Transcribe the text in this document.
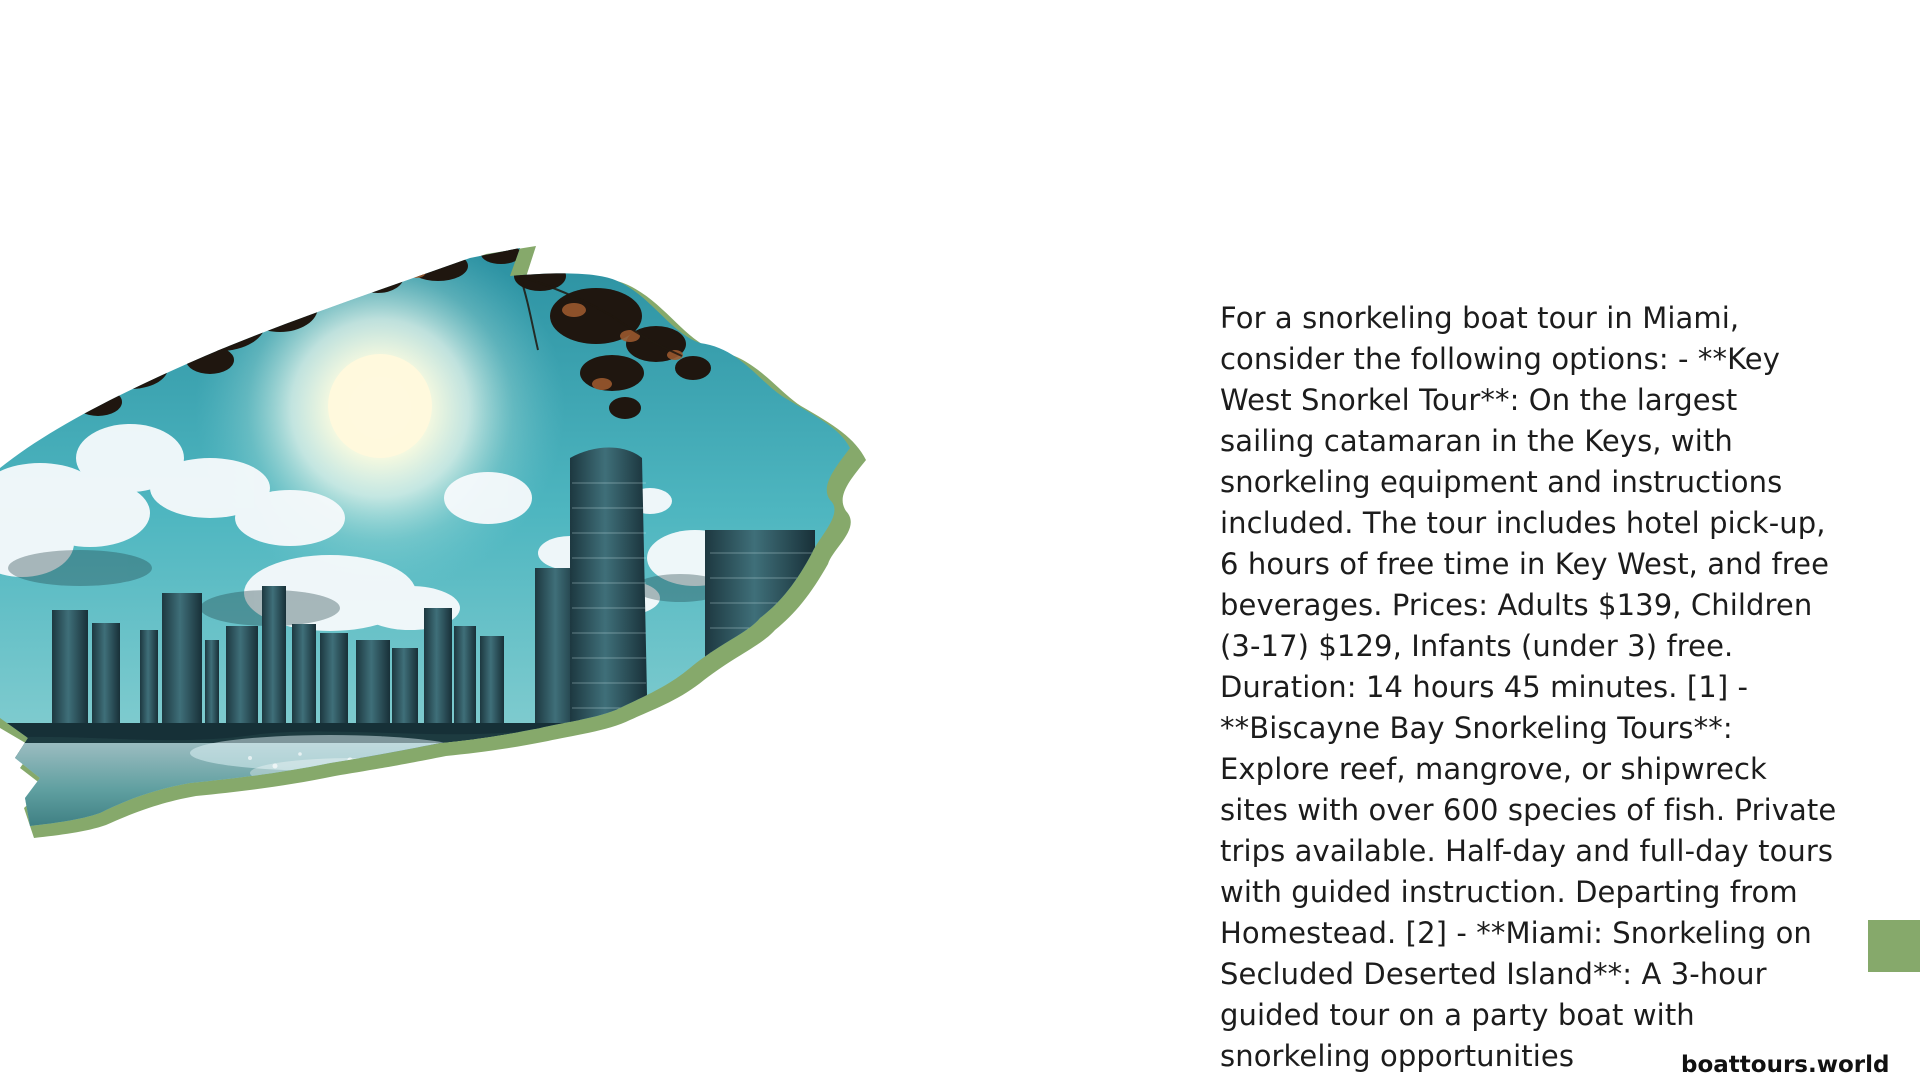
For a snorkeling boat tour in Miami, consider the following options: - **Key West Snorkel Tour**: On the largest sailing catamaran in the Keys, with snorkeling equipment and instructions included. The tour includes hotel pick-up, 6 hours of free time in Key West, and free beverages. Prices: Adults $139, Children (3-17) $129, Infants (under 3) free. Duration: 14 hours 45 minutes. [1] - **Biscayne Bay Snorkeling Tours**: Explore reef, mangrove, or shipwreck sites with over 600 species of fish. Private trips available. Half-day and full-day tours with guided instruction. Departing from Homestead. [2] - **Miami: Snorkeling on Secluded Deserted Island**: A 3-hour guided tour on a party boat with snorkeling opportunities	boattours.world
